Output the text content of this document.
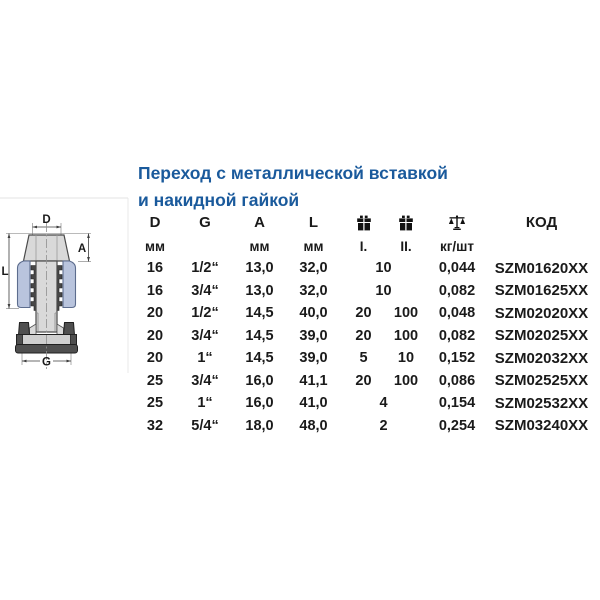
Переход с металлической вставкой
и накидной гайкой
D
A
L
G
D	G	A	L				КОД
мм		мм	мм	I.	II.	кг/шт	
16	1/2“	13,0	32,0	10		0,044	SZM01620XX
16	3/4“	13,0	32,0	10		0,082	SZM01625XX
20	1/2“	14,5	40,0	20	100	0,048	SZM02020XX
20	3/4“	14,5	39,0	20	100	0,082	SZM02025XX
20	1“	14,5	39,0	5	10	0,152	SZM02032XX
25	3/4“	16,0	41,1	20	100	0,086	SZM02525XX
25	1“	16,0	41,0	4		0,154	SZM02532XX
32	5/4“	18,0	48,0	2		0,254	SZM03240XX
